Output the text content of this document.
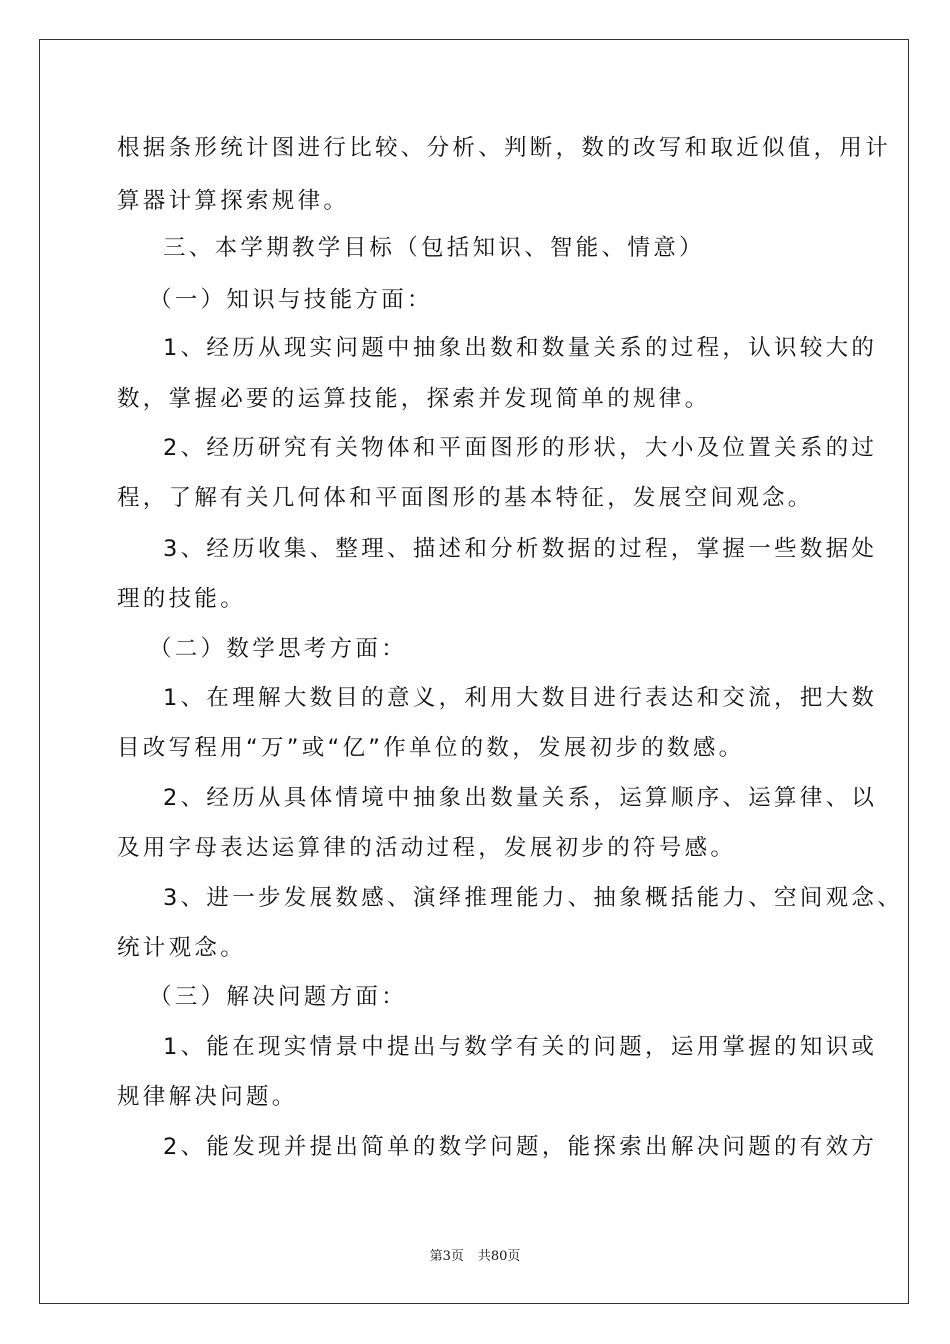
根据条形统计图进行比较、分析、判断，数的改写和取近似值，用计
算器计算探索规律。
三、本学期教学目标（包括知识、智能、情意）
（一）知识与技能方面：
1、经历从现实问题中抽象出数和数量关系的过程，认识较大的
数，掌握必要的运算技能，探索并发现简单的规律。
2、经历研究有关物体和平面图形的形状，大小及位置关系的过
程，了解有关几何体和平面图形的基本特征，发展空间观念。
3、经历收集、整理、描述和分析数据的过程，掌握一些数据处
理的技能。
（二）数学思考方面：
1、在理解大数目的意义，利用大数目进行表达和交流，把大数
目改写程用“万”或“亿”作单位的数，发展初步的数感。
2、经历从具体情境中抽象出数量关系，运算顺序、运算律、以
及用字母表达运算律的活动过程，发展初步的符号感。
3、进一步发展数感、演绎推理能力、抽象概括能力、空间观念、
统计观念。
（三）解决问题方面：
1、能在现实情景中提出与数学有关的问题，运用掌握的知识或
规律解决问题。
2、能发现并提出简单的数学问题，能探索出解决问题的有效方
第3页 共80页
